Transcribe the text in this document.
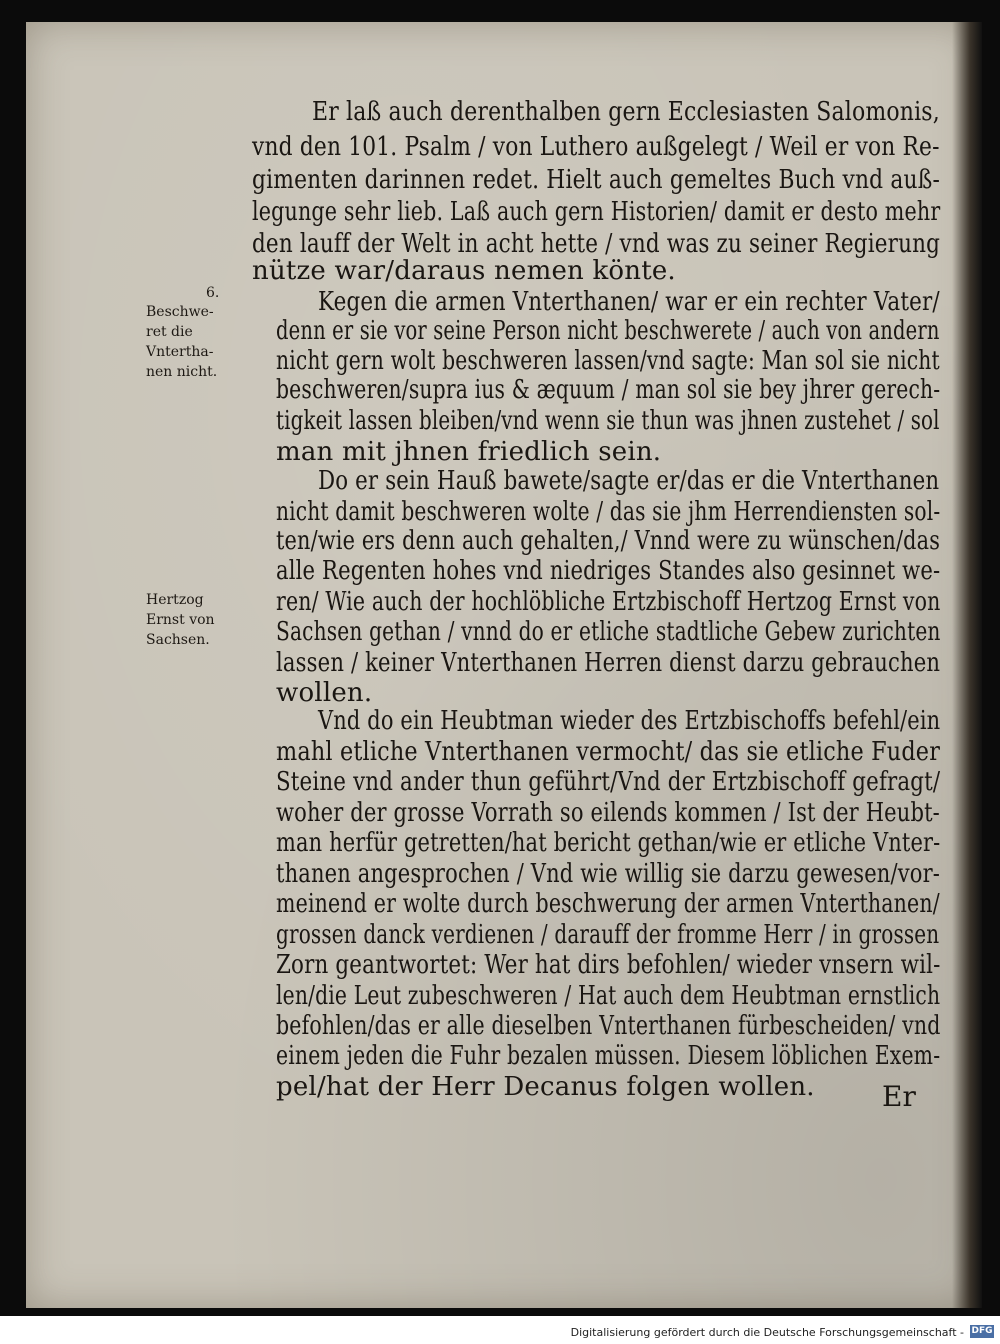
Er laß auch derenthalben gern Ecclesiasten Salomonis,
vnd den 101. Psalm / von Luthero außgelegt / Weil er von Re-
gimenten darinnen redet. Hielt auch gemeltes Buch vnd auß-
legunge sehr lieb. Laß auch gern Historien/ damit er desto mehr
den lauff der Welt in acht hette / vnd was zu seiner Regierung
nütze war/daraus nemen könte.
Kegen die armen Vnterthanen/ war er ein rechter Vater/
denn er sie vor seine Person nicht beschwerete / auch von andern
nicht gern wolt beschweren lassen/vnd sagte: Man sol sie nicht
beschweren/supra ius & æquum / man sol sie bey jhrer gerech-
tigkeit lassen bleiben/vnd wenn sie thun was jhnen zustehet / sol
man mit jhnen friedlich sein.
Do er sein Hauß bawete/sagte er/das er die Vnterthanen
nicht damit beschweren wolte / das sie jhm Herrendiensten sol-
ten/wie ers denn auch gehalten,/ Vnnd were zu wünschen/das
alle Regenten hohes vnd niedriges Standes also gesinnet we-
ren/ Wie auch der hochlöbliche Ertzbischoff Hertzog Ernst von
Sachsen gethan / vnnd do er etliche stadtliche Gebew zurichten
lassen / keiner Vnterthanen Herren dienst darzu gebrauchen
wollen.
Vnd do ein Heubtman wieder des Ertzbischoffs befehl/ein
mahl etliche Vnterthanen vermocht/ das sie etliche Fuder
Steine vnd ander thun geführt/Vnd der Ertzbischoff gefragt/
woher der grosse Vorrath so eilends kommen / Ist der Heubt-
man herfür getretten/hat bericht gethan/wie er etliche Vnter-
thanen angesprochen / Vnd wie willig sie darzu gewesen/vor-
meinend er wolte durch beschwerung der armen Vnterthanen/
grossen danck verdienen / darauff der fromme Herr / in grossen
Zorn geantwortet: Wer hat dirs befohlen/ wieder vnsern wil-
len/die Leut zubeschweren / Hat auch dem Heubtman ernstlich
befohlen/das er alle dieselben Vnterthanen fürbescheiden/ vnd
einem jeden die Fuhr bezalen müssen. Diesem löblichen Exem-
pel/hat der Herr Decanus folgen wollen.
6.
Beschwe-
ret die
Vntertha-
nen nicht.
Hertzog
Ernst von
Sachsen.
Er
Digitalisierung gefördert durch die Deutsche Forschungsgemeinschaft - DFG
